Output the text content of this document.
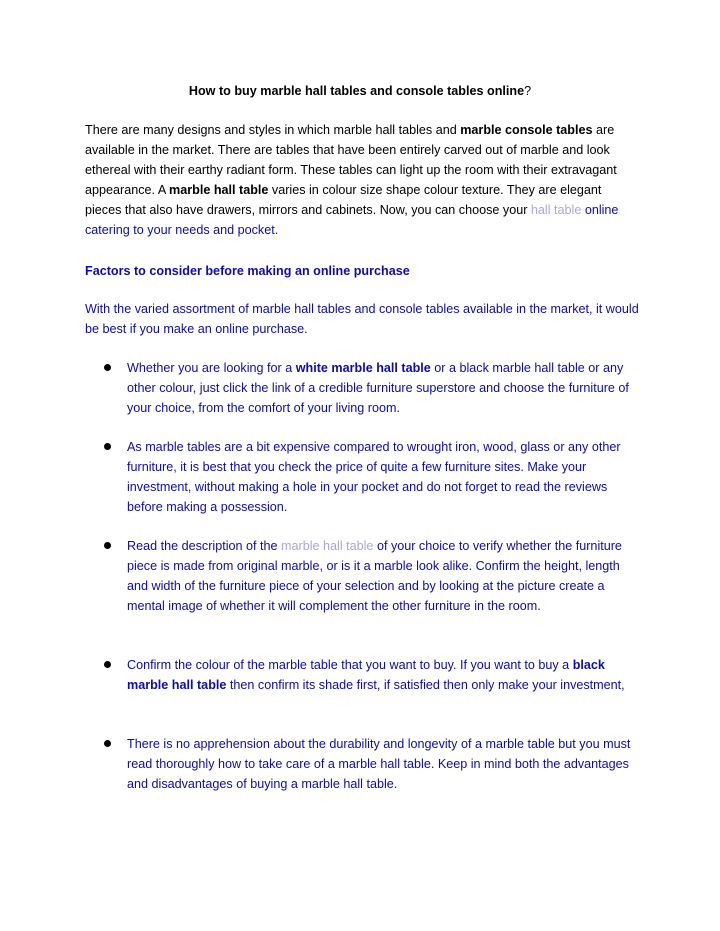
How to buy marble hall tables and console tables online?
There are many designs and styles in which marble hall tables and marble console tables are available in the market. There are tables that have been entirely carved out of marble and look ethereal with their earthy radiant form. These tables can light up the room with their extravagant appearance. A marble hall table varies in colour size shape colour texture. They are elegant pieces that also have drawers, mirrors and cabinets. Now, you can choose your hall table online catering to your needs and pocket.
Factors to consider before making an online purchase
With the varied assortment of marble hall tables and console tables available in the market, it would be best if you make an online purchase.
Whether you are looking for a white marble hall table or a black marble hall table or any other colour, just click the link of a credible furniture superstore and choose the furniture of your choice, from the comfort of your living room.
As marble tables are a bit expensive compared to wrought iron, wood, glass or any other furniture, it is best that you check the price of quite a few furniture sites. Make your investment, without making a hole in your pocket and do not forget to read the reviews before making a possession.
Read the description of the marble hall table of your choice to verify whether the furniture piece is made from original marble, or is it a marble look alike. Confirm the height, length and width of the furniture piece of your selection and by looking at the picture create a mental image of whether it will complement the other furniture in the room.
Confirm the colour of the marble table that you want to buy. If you want to buy a black marble hall table then confirm its shade first, if satisfied then only make your investment,
There is no apprehension about the durability and longevity of a marble table but you must read thoroughly how to take care of a marble hall table. Keep in mind both the advantages and disadvantages of buying a marble hall table.
